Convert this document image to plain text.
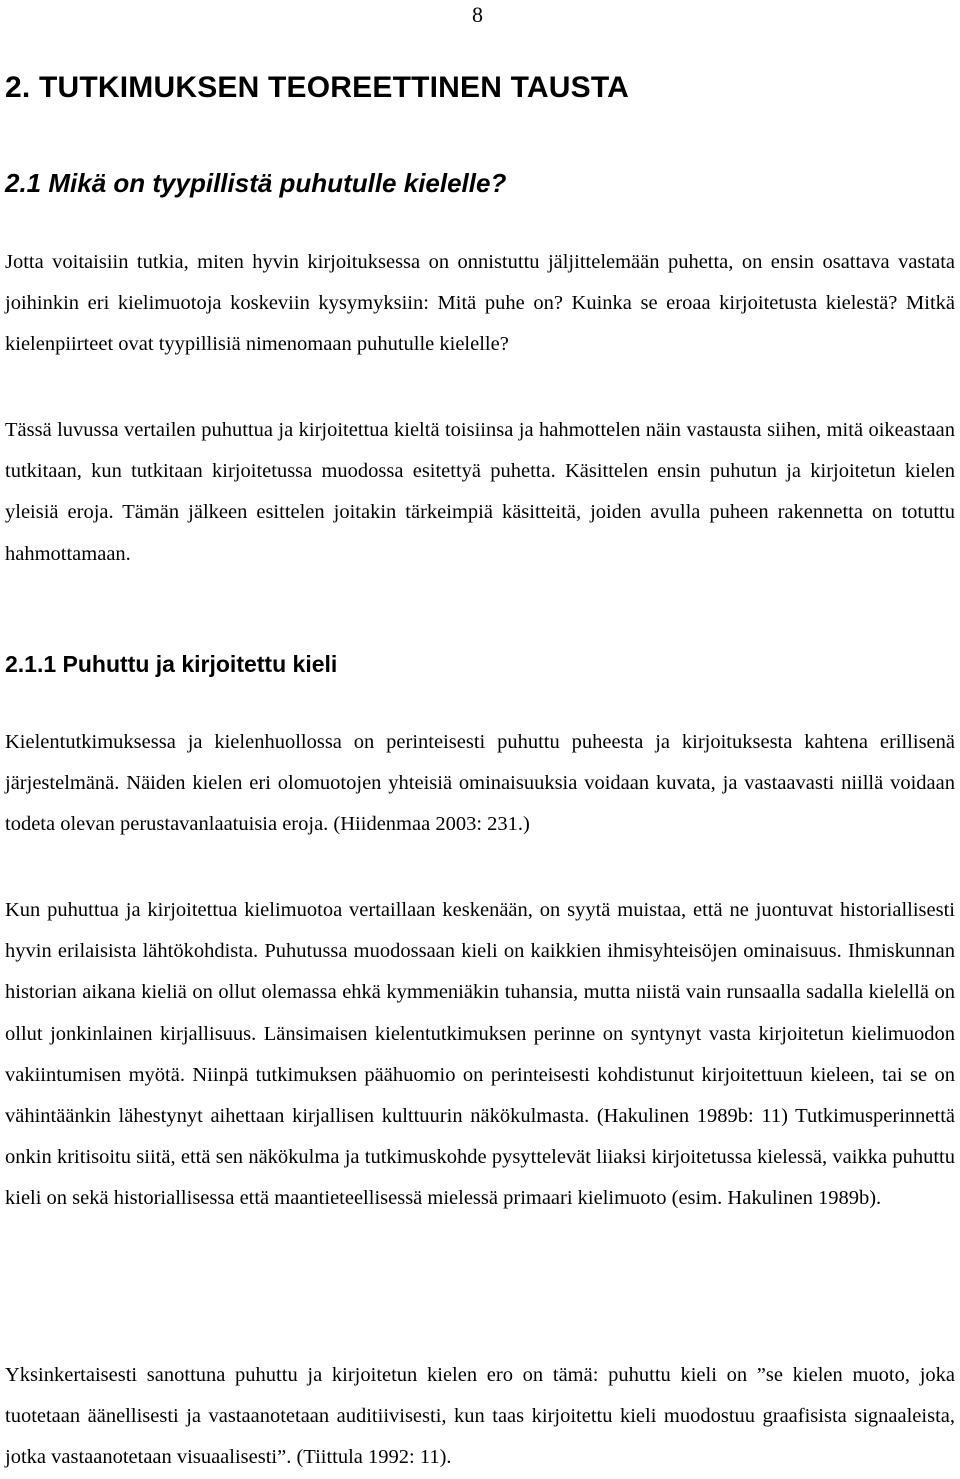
8
2. TUTKIMUKSEN TEOREETTINEN TAUSTA
2.1 Mikä on tyypillistä puhutulle kielelle?

Jotta voitaisiin tutkia, miten hyvin kirjoituksessa on onnistuttu jäljittelemään puhetta, on ensin osattava vastata joihinkin eri kielimuotoja koskeviin kysymyksiin: Mitä puhe on? Kuinka se eroaa kirjoitetusta kielestä? Mitkä kielenpiirteet ovat tyypillisiä nimenomaan puhutulle kielelle?

Tässä luvussa vertailen puhuttua ja kirjoitettua kieltä toisiinsa ja hahmottelen näin vastausta siihen, mitä oikeastaan tutkitaan, kun tutkitaan kirjoitetussa muodossa esitettyä puhetta. Käsittelen ensin puhutun ja kirjoitetun kielen yleisiä eroja. Tämän jälkeen esittelen joitakin tärkeimpiä käsitteitä, joiden avulla puheen rakennetta on totuttu hahmottamaan.

2.1.1 Puhuttu ja kirjoitettu kieli

Kielentutkimuksessa ja kielenhuollossa on perinteisesti puhuttu puheesta ja kirjoituksesta kahtena erillisenä järjestelmänä. Näiden kielen eri olomuotojen yhteisiä ominaisuuksia voidaan kuvata, ja vastaavasti niillä voidaan todeta olevan perustavanlaatuisia eroja. (Hiidenmaa 2003: 231.)

Kun puhuttua ja kirjoitettua kielimuotoa vertaillaan keskenään, on syytä muistaa, että ne juontuvat historiallisesti hyvin erilaisista lähtökohdista. Puhutussa muodossaan kieli on kaikkien ihmisyhteisöjen ominaisuus. Ihmiskunnan historian aikana kieliä on ollut olemassa ehkä kymmeniäkin tuhansia, mutta niistä vain runsaalla sadalla kielellä on ollut jonkinlainen kirjallisuus. Länsimaisen kielentutkimuksen perinne on syntynyt vasta kirjoitetun kielimuodon vakiintumisen myötä. Niinpä tutkimuksen päähuomio on perinteisesti kohdistunut kirjoitettuun kieleen, tai se on vähintäänkin lähestynyt aihettaan kirjallisen kulttuurin näkökulmasta. (Hakulinen 1989b: 11) Tutkimusperinnettä onkin kritisoitu siitä, että sen näkökulma ja tutkimuskohde pysyttelevät liiaksi kirjoitetussa kielessä, vaikka puhuttu kieli on sekä historiallisessa että maantieteellisessä mielessä primaari kielimuoto (esim. Hakulinen 1989b).

Yksinkertaisesti sanottuna puhuttu ja kirjoitetun kielen ero on tämä: puhuttu kieli on ”se kielen muoto, joka tuotetaan äänellisesti ja vastaanotetaan auditiivisesti, kun taas kirjoitettu kieli muodostuu graafisista signaaleista, jotka vastaanotetaan visuaalisesti”. (Tiittula 1992: 11).
